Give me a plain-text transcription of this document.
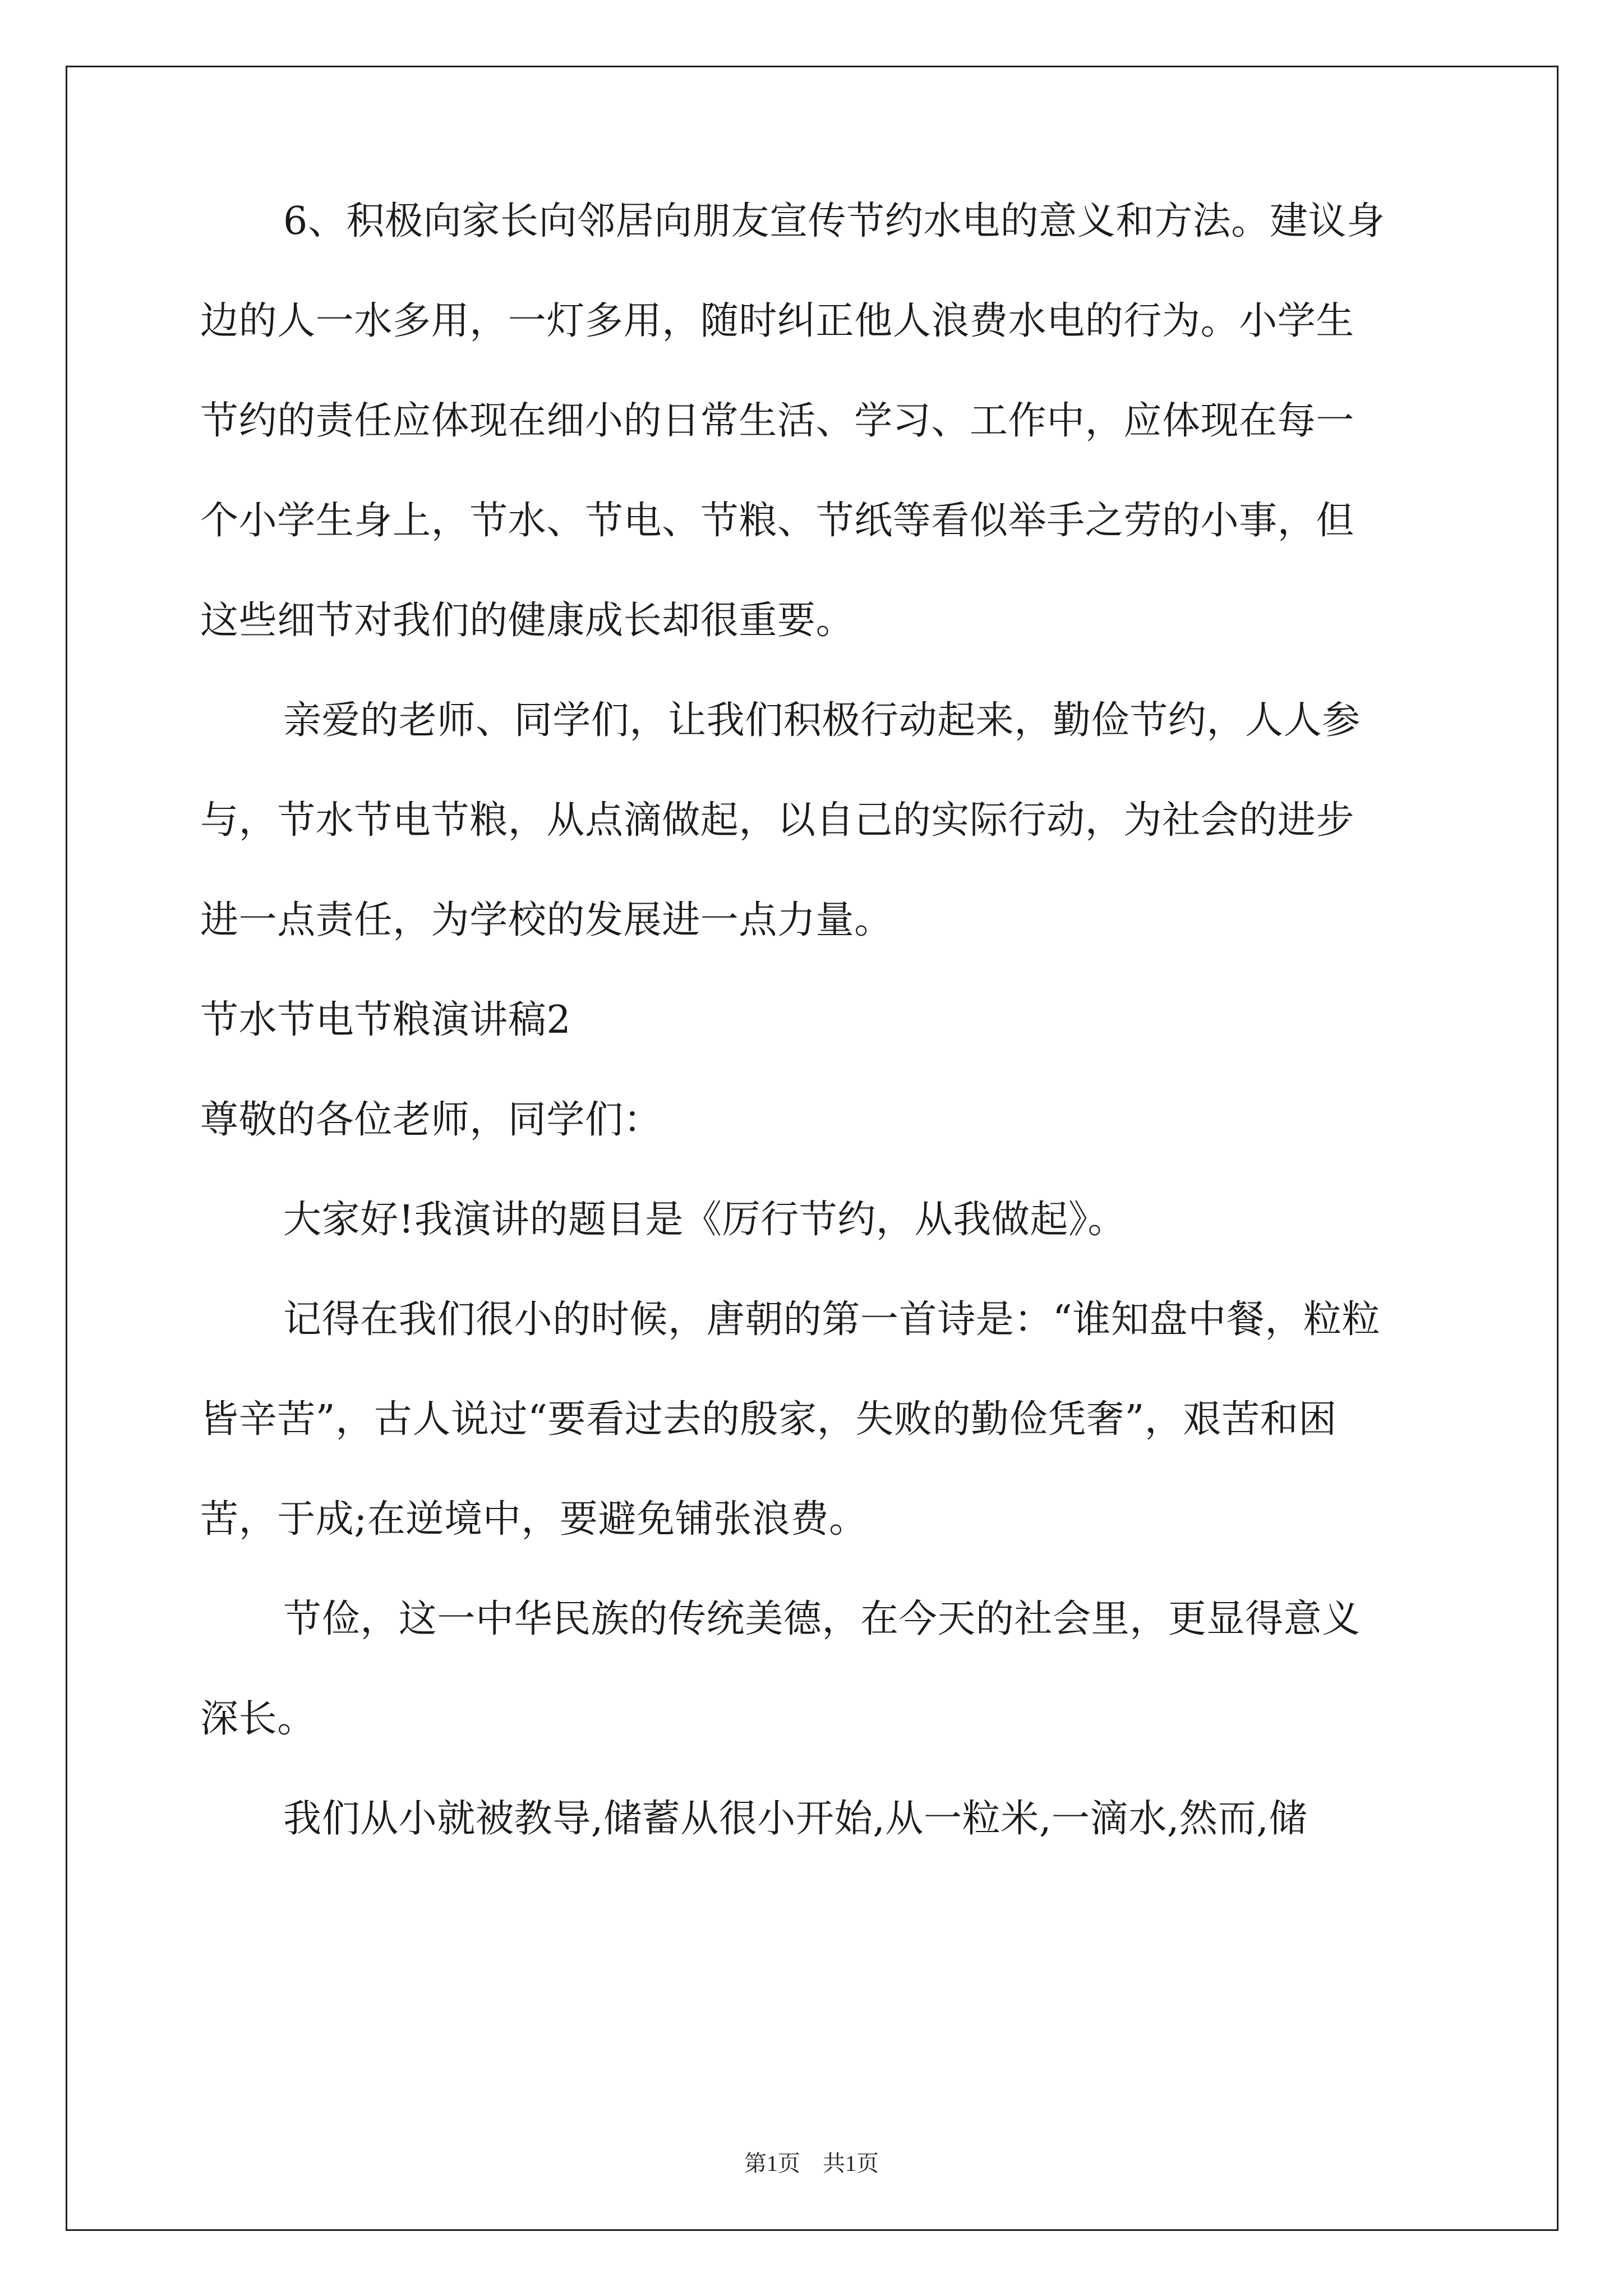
6、积极向家长向邻居向朋友宣传节约水电的意义和方法。建议身
边的人一水多用，一灯多用，随时纠正他人浪费水电的行为。小学生
节约的责任应体现在细小的日常生活、学习、工作中，应体现在每一
个小学生身上，节水、节电、节粮、节纸等看似举手之劳的小事，但
这些细节对我们的健康成长却很重要。
亲爱的老师、同学们，让我们积极行动起来，勤俭节约，人人参
与，节水节电节粮，从点滴做起，以自己的实际行动，为社会的进步
进一点责任，为学校的发展进一点力量。
节水节电节粮演讲稿2
尊敬的各位老师，同学们：
大家好!我演讲的题目是《厉行节约，从我做起》。
记得在我们很小的时候，唐朝的第一首诗是：“谁知盘中餐，粒粒
皆辛苦”，古人说过“要看过去的殷家，失败的勤俭凭奢”，艰苦和困
苦，于成;在逆境中，要避免铺张浪费。
节俭，这一中华民族的传统美德，在今天的社会里，更显得意义
深长。
我们从小就被教导,储蓄从很小开始,从一粒米,一滴水,然而,储
第1页　共1页
